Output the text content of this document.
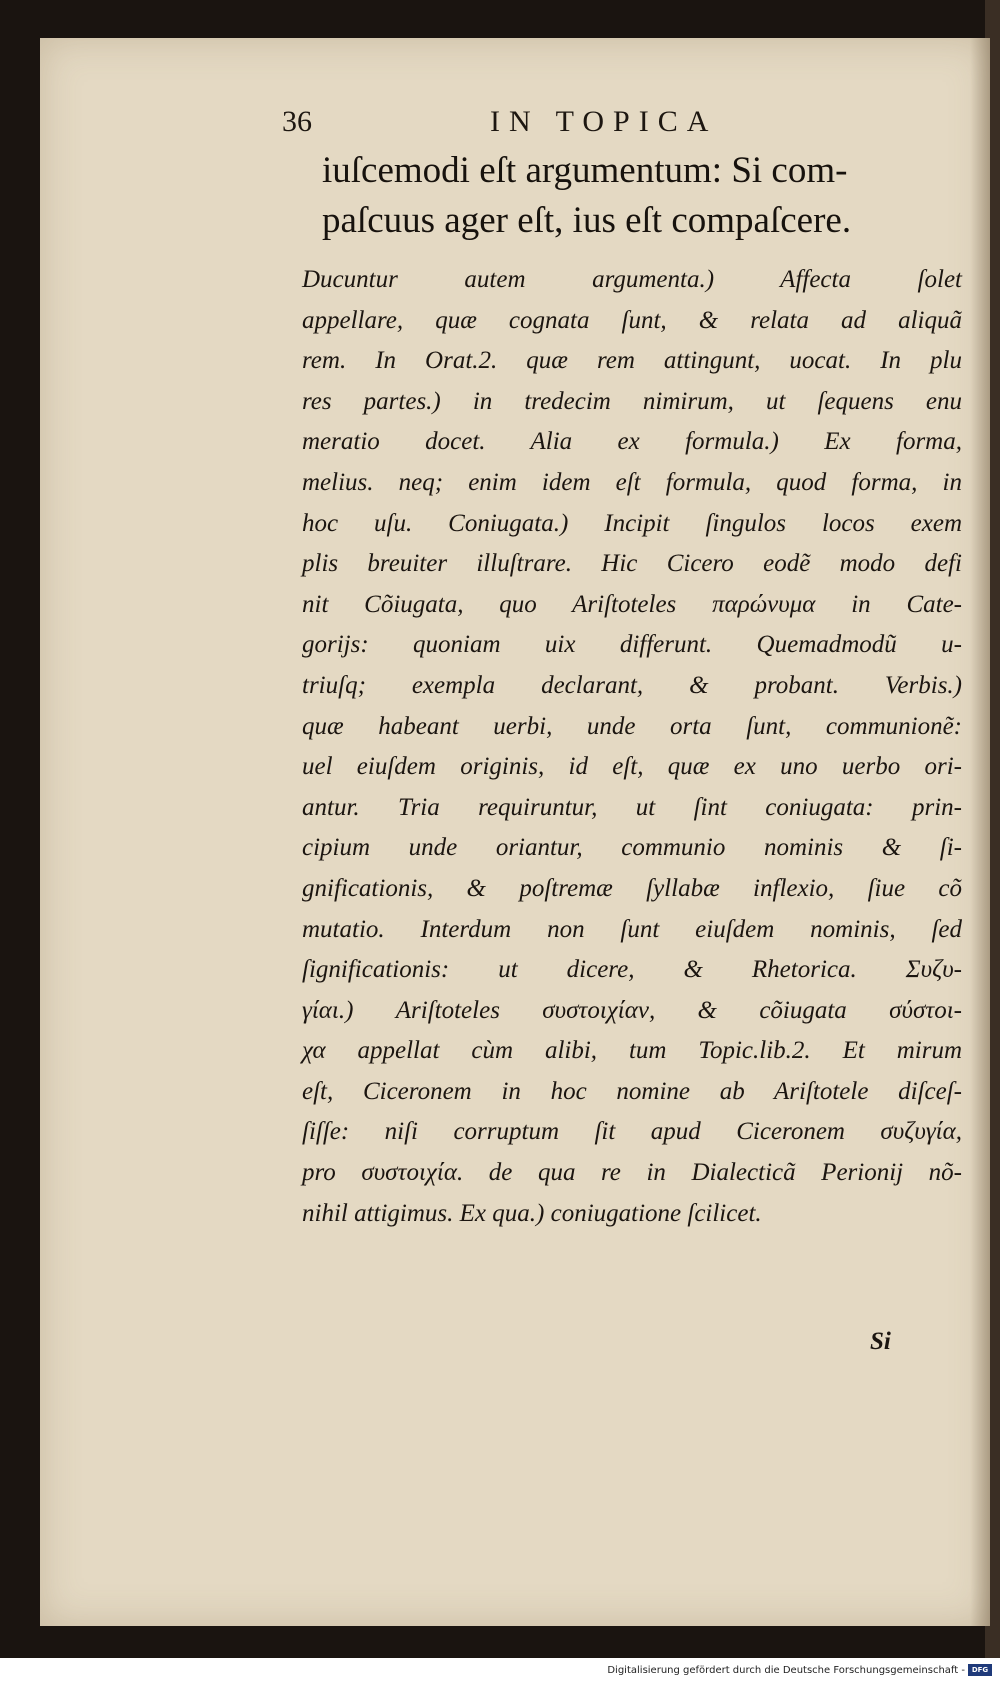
36	IN TOPICA
iuſcemodi eſt argumentum: Si com-
paſcuus ager eſt, ius eſt compaſcere.
Ducuntur autem argumenta.) Affecta ſolet
appellare, quæ cognata ſunt, & relata ad aliquã
rem. In Orat.2. quæ rem attingunt, uocat. In plu
res partes.) in tredecim nimirum, ut ſequens enu
meratio docet. Alia ex formula.) Ex forma,
melius. neq; enim idem eſt formula, quod forma, in
hoc uſu. Coniugata.) Incipit ſingulos locos exem
plis breuiter illuſtrare. Hic Cicero eodẽ modo defi
nit Cõiugata, quo Ariſtoteles παρώνυμα in Cate-
gorijs: quoniam uix differunt. Quemadmodũ u-
triuſq; exempla declarant, & probant. Verbis.)
quæ habeant uerbi, unde orta ſunt, communionẽ:
uel eiuſdem originis, id eſt, quæ ex uno uerbo ori-
antur. Tria requiruntur, ut ſint coniugata: prin-
cipium unde oriantur, communio nominis & ſi-
gnificationis, & poſtremæ ſyllabæ inflexio, ſiue cõ
mutatio. Interdum non ſunt eiuſdem nominis, ſed
ſignificationis: ut dicere, & Rhetorica. Συζυ-
γίαι.) Ariſtoteles συστοιχίαν, & cõiugata σύστοι-
χα appellat cùm alibi, tum Topic.lib.2. Et mirum
eſt, Ciceronem in hoc nomine ab Ariſtotele diſceſ-
ſiſſe: niſi corruptum ſit apud Ciceronem συζυγία,
pro συστοιχία. de qua re in Dialecticã Perionij nõ-
nihil attigimus. Ex qua.) coniugatione ſcilicet.
Si
Digitalisierung gefördert durch die Deutsche Forschungsgemeinschaft - DFG
